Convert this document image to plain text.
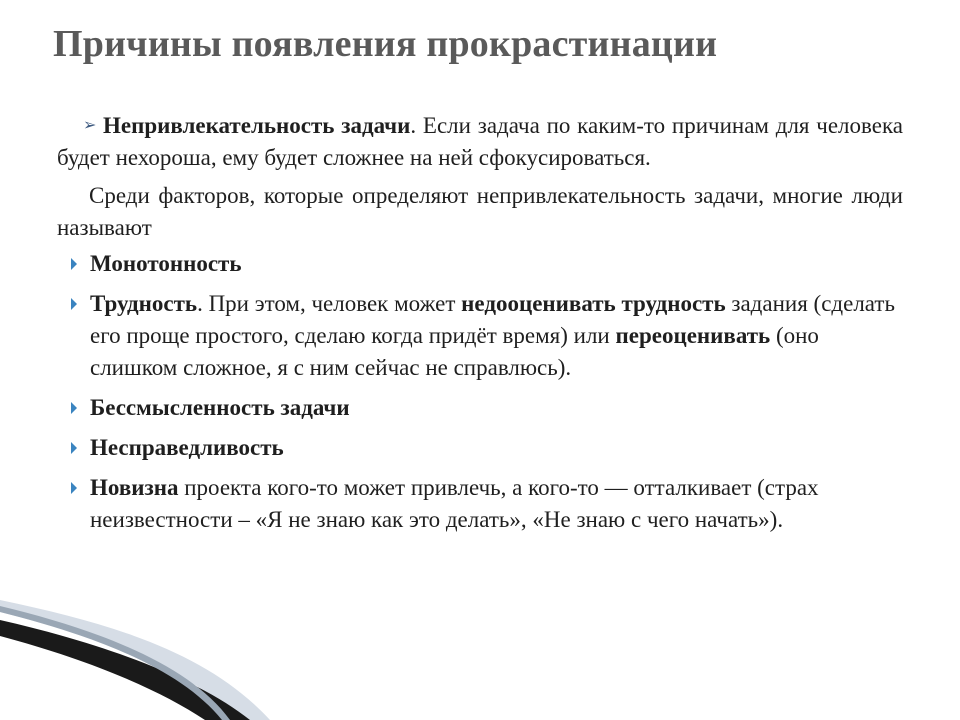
Причины появления прокрастинации

➢ Непривлекательность задачи. Если задача по каким-то причинам для человека будет нехороша, ему будет сложнее на ней сфокусироваться.

Среди факторов, которые определяют непривлекательность задачи, многие люди называют

Монотонность
Трудность. При этом, человек может недооценивать трудность задания (сделать его проще простого, сделаю когда придёт время) или переоценивать (оно слишком сложное, я с ним сейчас не справлюсь).
Бессмысленность задачи
Несправедливость
Новизна проекта кого-то может привлечь, а кого-то — отталкивает (страх неизвестности – «Я не знаю как это делать», «Не знаю с чего начать»).
